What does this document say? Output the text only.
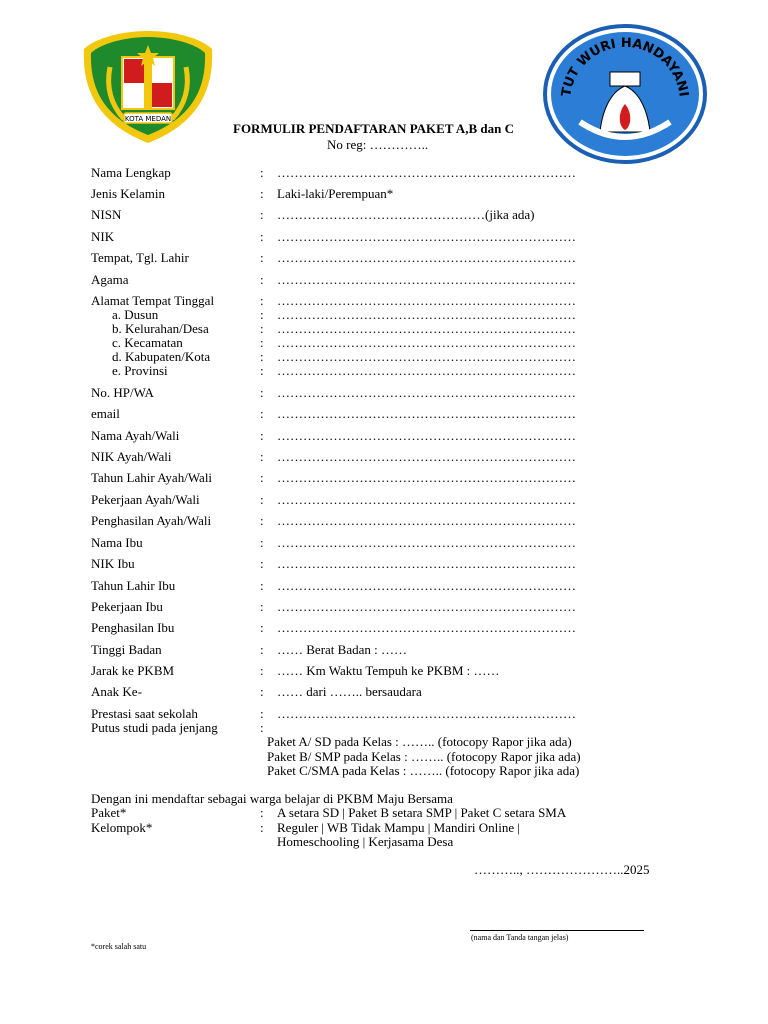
KOTA MEDAN
TUT WURI HANDAYANI
FORMULIR PENDAFTARAN PAKET A,B dan C
No reg: …………..
Nama Lengkap	: ……………………………………………………………
Jenis Kelamin	: Laki-laki/Perempuan*
NISN	: …………………………………………(jika ada)
NIK	: ……………………………………………………………
Tempat, Tgl. Lahir	: ……………………………………………………………
Agama	: ……………………………………………………………
Alamat Tempat Tinggal	: ……………………………………………………………
a. Dusun	: ……………………………………………………………
b. Kelurahan/Desa	: ……………………………………………………………
c. Kecamatan	: ……………………………………………………………
d. Kabupaten/Kota	: ……………………………………………………………
e. Provinsi	: ……………………………………………………………
No. HP/WA	: ……………………………………………………………
email	: ……………………………………………………………
Nama Ayah/Wali	: ……………………………………………………………
NIK Ayah/Wali	: ……………………………………………………………
Tahun Lahir Ayah/Wali	: ……………………………………………………………
Pekerjaan Ayah/Wali	: ……………………………………………………………
Penghasilan Ayah/Wali	: ……………………………………………………………
Nama Ibu	: ……………………………………………………………
NIK Ibu	: ……………………………………………………………
Tahun Lahir Ibu	: ……………………………………………………………
Pekerjaan Ibu	: ……………………………………………………………
Penghasilan Ibu	: ……………………………………………………………
Tinggi Badan	: …… Berat Badan : ……
Jarak ke PKBM	: …… Km Waktu Tempuh ke PKBM : ……
Anak Ke-	: …… dari …….. bersaudara
Prestasi saat sekolah	: ……………………………………………………………
Putus studi pada jenjang	:
Paket A/ SD pada Kelas : …….. (fotocopy Rapor jika ada)
Paket B/ SMP pada Kelas : …….. (fotocopy Rapor jika ada)
Paket C/SMA pada Kelas : …….. (fotocopy Rapor jika ada)
Dengan ini mendaftar sebagai warga belajar di PKBM Maju Bersama
Paket*	: A setara SD | Paket B setara SMP | Paket C setara SMA
Kelompok*	: Reguler | WB Tidak Mampu | Mandiri Online |
Homeschooling | Kerjasama Desa
……….., …………………..2025
(nama dan Tanda tangan jelas)
*corek salah satu
